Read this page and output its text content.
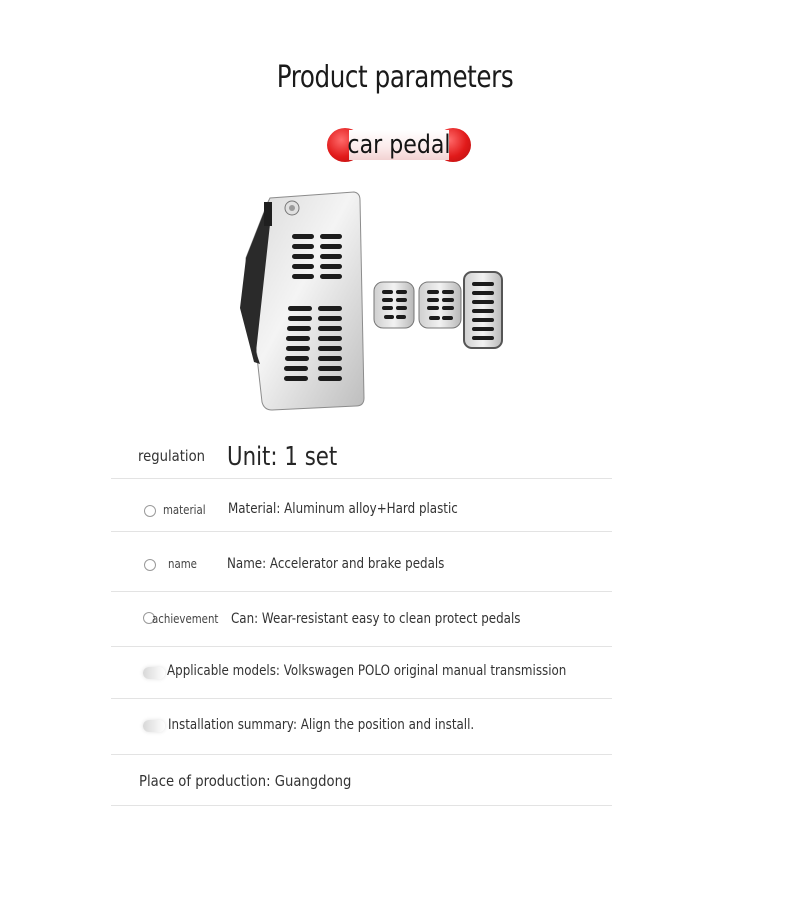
Product parameters
car pedal
regulation Unit: 1 set
material Material: Aluminum alloy+Hard plastic
name Name: Accelerator and brake pedals
achievement Can: Wear-resistant easy to clean protect pedals
Applicable models: Volkswagen POLO original manual transmission
Installation summary: Align the position and install.
Place of production: Guangdong
